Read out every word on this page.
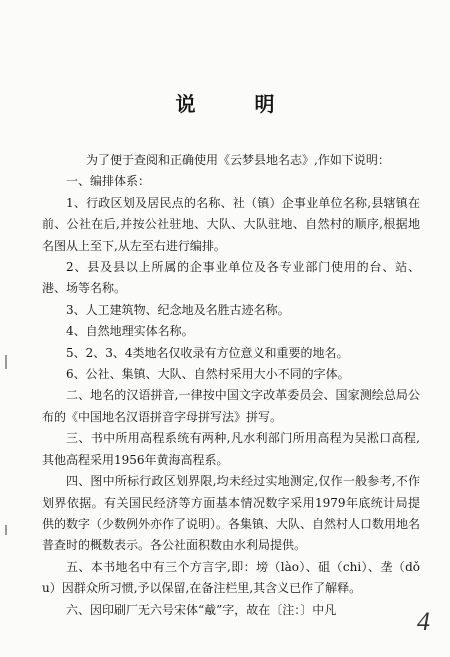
说 明

为了便于查阅和正确使用《云梦县地名志》,作如下说明：

一、编排体系：

1、行政区划及居民点的名称、社（镇）企事业单位名称,县辖镇在前、公社在后,并按公社驻地、大队、大队驻地、自然村的顺序,根据地名图从上至下,从左至右进行编排。

2、县及县以上所属的企事业单位及各专业部门使用的台、站、港、场等名称。

3、人工建筑物、纪念地及名胜古迹名称。

4、自然地理实体名称。

5、2、3、4类地名仅收录有方位意义和重要的地名。

6、公社、集镇、大队、自然村采用大小不同的字体。

二、地名的汉语拼音,一律按中国文字改革委员会、国家测绘总局公布的《中国地名汉语拼音字母拼写法》拼写。

三、书中所用高程系统有两种,凡水利部门所用高程为吴淞口高程,其他高程采用1956年黄海高程系。

四、图中所标行政区划界限,均未经过实地测定,仅作一般参考,不作划界依据。有关国民经济等方面基本情况数字采用1979年底统计局提供的数字（少数例外亦作了说明）。各集镇、大队、自然村人口数用地名普查时的概数表示。各公社面积数由水利局提供。

五、本书地名中有三个方言字,即：塝（lào）、砠（chi）、垄（dǒu）因群众所习惯,予以保留,在备注栏里,其含义已作了解释。

六、因印刷厂无六号宋体“䳒”字，故在〔注：〕中凡	4
